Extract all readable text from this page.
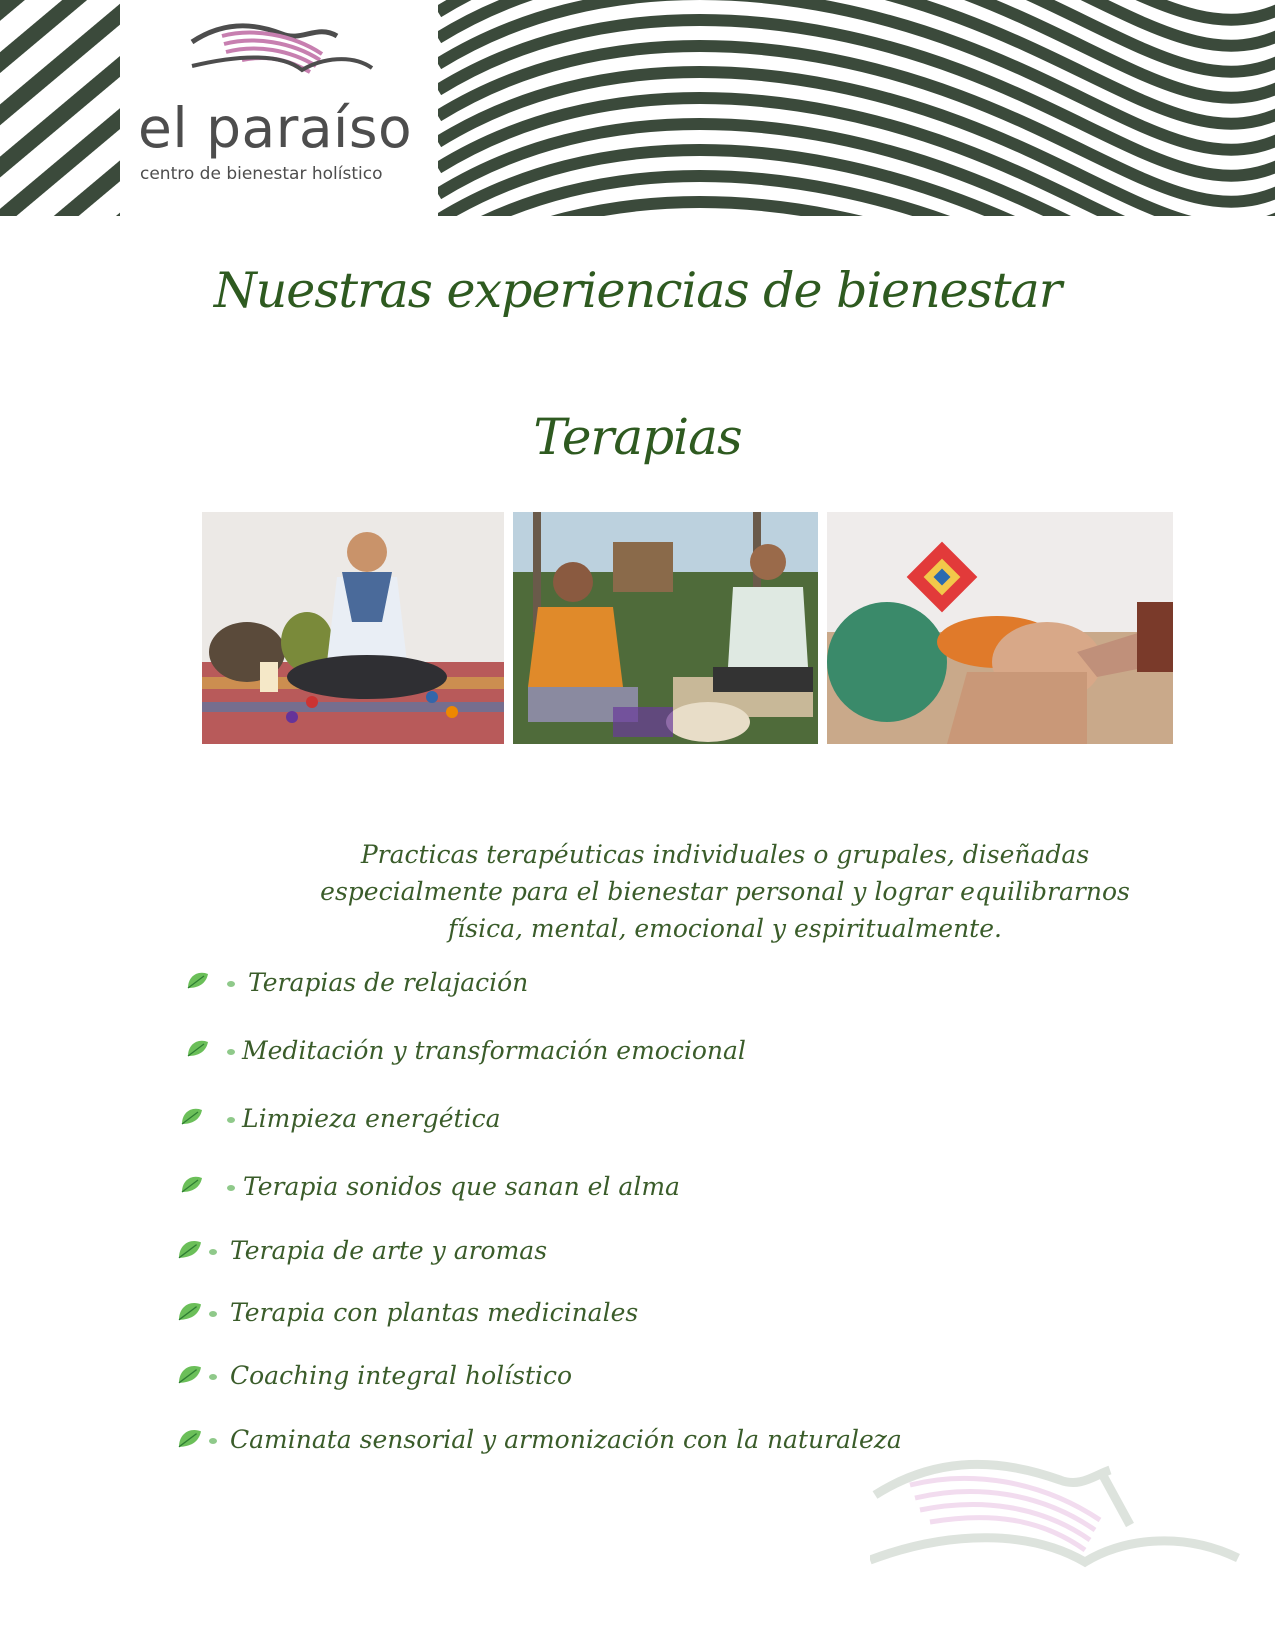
el paraíso
centro de bienestar holístico
Nuestras experiencias de bienestar
Terapias
Practicas terapéuticas individuales o grupales, diseñadas
especialmente para el bienestar personal y lograr equilibrarnos
física, mental, emocional y espiritualmente.
Terapias de relajación
Meditación y transformación emocional
Limpieza energética
Terapia sonidos que sanan el alma
Terapia de arte y aromas
Terapia con plantas medicinales
Coaching integral holístico
Caminata sensorial y armonización con la naturaleza
